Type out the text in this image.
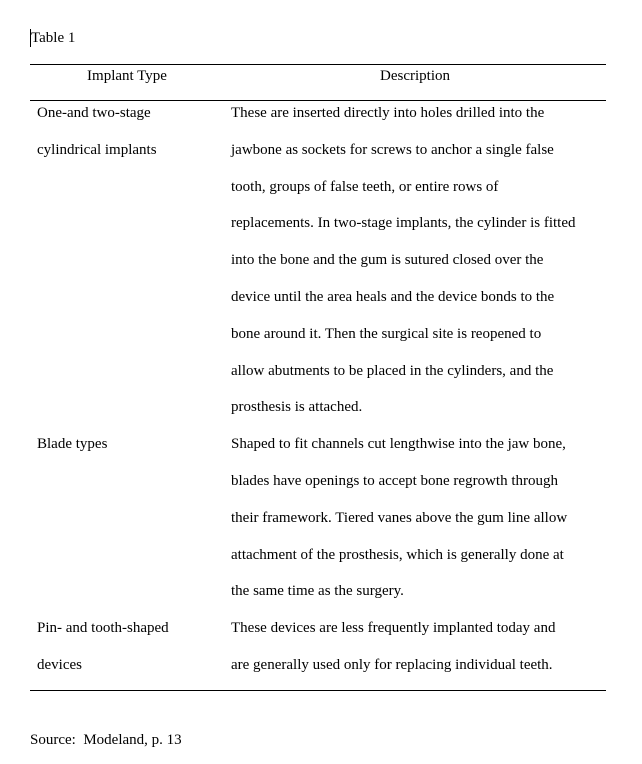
Table 1
Implant Type	Description
One-and two-stage
cylindrical implants
These are inserted directly into holes drilled into the
jawbone as sockets for screws to anchor a single false
tooth, groups of false teeth, or entire rows of
replacements. In two-stage implants, the cylinder is fitted
into the bone and the gum is sutured closed over the
device until the area heals and the device bonds to the
bone around it. Then the surgical site is reopened to
allow abutments to be placed in the cylinders, and the
prosthesis is attached.
Blade types	Shaped to fit channels cut lengthwise into the jaw bone,
blades have openings to accept bone regrowth through
their framework. Tiered vanes above the gum line allow
attachment of the prosthesis, which is generally done at
the same time as the surgery.
Pin- and tooth-shaped
devices
These devices are less frequently implanted today and
are generally used only for replacing individual teeth.
Source:  Modeland, p. 13
